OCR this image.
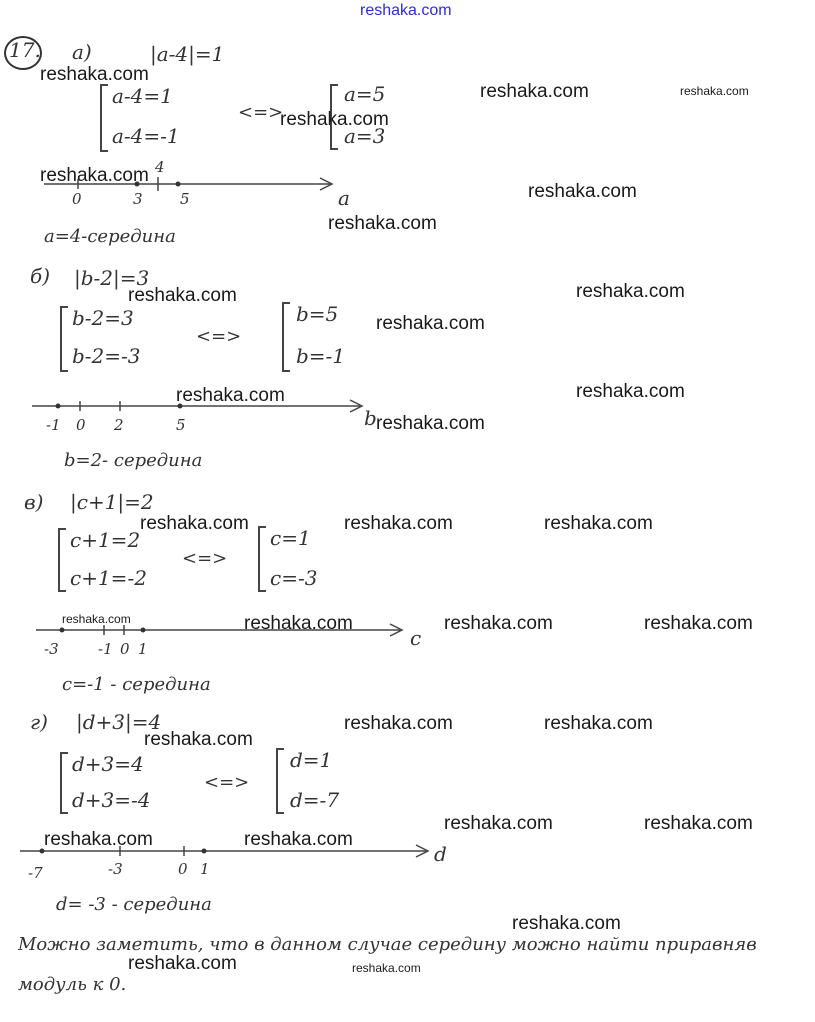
reshaka.com
17. а)	|a-4|=1
a-4=1
a-4=-1
<=>
a=5
a=3
0	3
4
5	a
a=4-середина
б) |b-2|=3
b-2=3
b-2=-3
<=>
b=5
b=-1
-1 0 2	5	b
b=2- середина
в) |c+1|=2
c+1=2
c+1=-2
<=>
c=1
c=-3
-3	-1 0 1	c
c=-1 - середина
г) |d+3|=4
d+3=4
d+3=-4
<=>
d=1
d=-7
-7	-3	0 1
d
d= -3 - середина
Можно заметить, что в данном случае середину можно найти приравняв
модуль к 0.
reshaka.com
reshaka.com	reshaka.com
reshaka.com
reshaka.com
reshaka.com
reshaka.com
reshaka.com
reshaka.com
reshaka.com
reshaka.com
reshaka.com
reshaka.com
reshaka.com	reshaka.com	reshaka.com
reshaka.com	reshaka.com	reshaka.com	reshaka.com
reshaka.com	reshaka.com
reshaka.com
reshaka.com	reshaka.com
reshaka.com	reshaka.com
reshaka.com
reshaka.com	reshaka.com
